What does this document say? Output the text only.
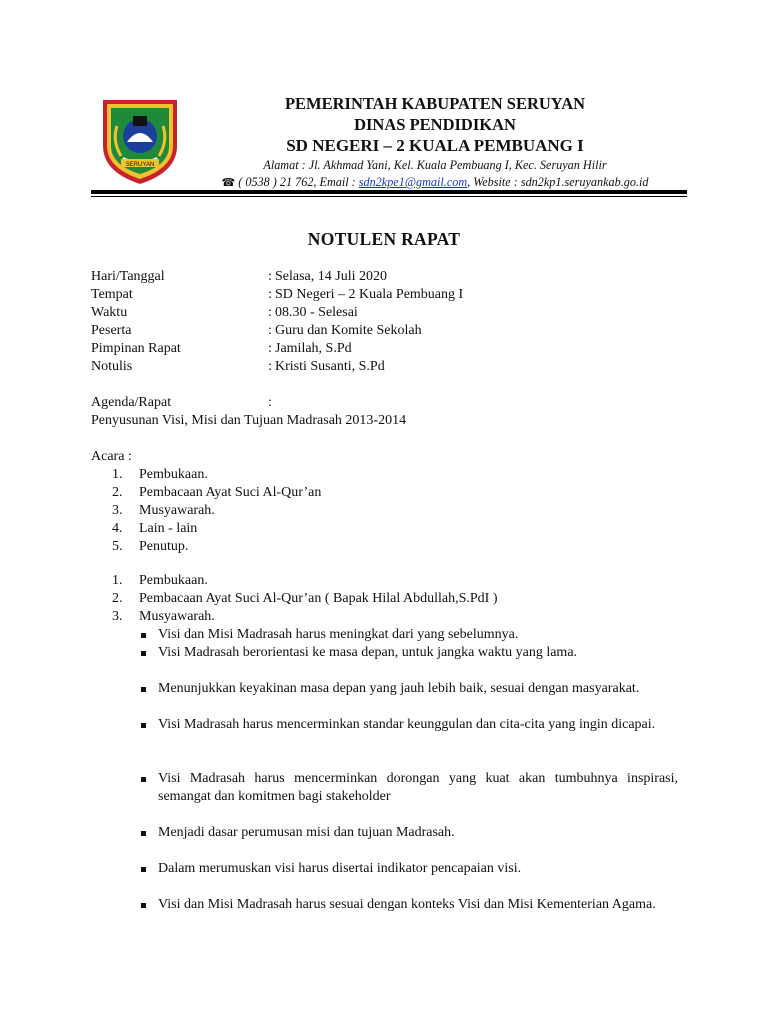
SERUYAN
PEMERINTAH KABUPATEN SERUYAN
DINAS PENDIDIKAN
SD NEGERI – 2 KUALA PEMBUANG I
Alamat : Jl. Akhmad Yani, Kel. Kuala Pembuang I, Kec. Seruyan Hilir
☎ ( 0538 ) 21 762, Email : sdn2kpe1@gmail.com, Website : sdn2kp1.seruyankab.go.id
NOTULEN RAPAT
Hari/Tanggal	: Selasa, 14 Juli 2020
Tempat	: SD Negeri – 2 Kuala Pembuang I
Waktu	: 08.30 - Selesai
Peserta	: Guru dan Komite Sekolah
Pimpinan Rapat	: Jamilah, S.Pd
Notulis	: Kristi Susanti, S.Pd
Agenda/Rapat	:
Penyusunan Visi, Misi dan Tujuan Madrasah 2013-2014
Acara :
1. Pembukaan.
2. Pembacaan Ayat Suci Al-Qur’an
3. Musyawarah.
4. Lain - lain
5. Penutup.
1. Pembukaan.
2. Pembacaan Ayat Suci Al-Qur’an ( Bapak Hilal Abdullah,S.PdI )
3. Musyawarah.
Visi dan Misi Madrasah harus meningkat dari yang sebelumnya.
Visi Madrasah berorientasi ke masa depan, untuk jangka waktu yang lama.
Menunjukkan keyakinan masa depan yang jauh lebih baik, sesuai dengan masyarakat.
Visi Madrasah harus mencerminkan standar keunggulan dan cita-cita yang ingin dicapai.
Visi Madrasah harus mencerminkan dorongan yang kuat akan tumbuhnya inspirasi, semangat dan komitmen bagi stakeholder
Menjadi dasar perumusan misi dan tujuan Madrasah.
Dalam merumuskan visi harus disertai indikator pencapaian visi.
Visi dan Misi Madrasah harus sesuai dengan konteks Visi dan Misi Kementerian Agama.
